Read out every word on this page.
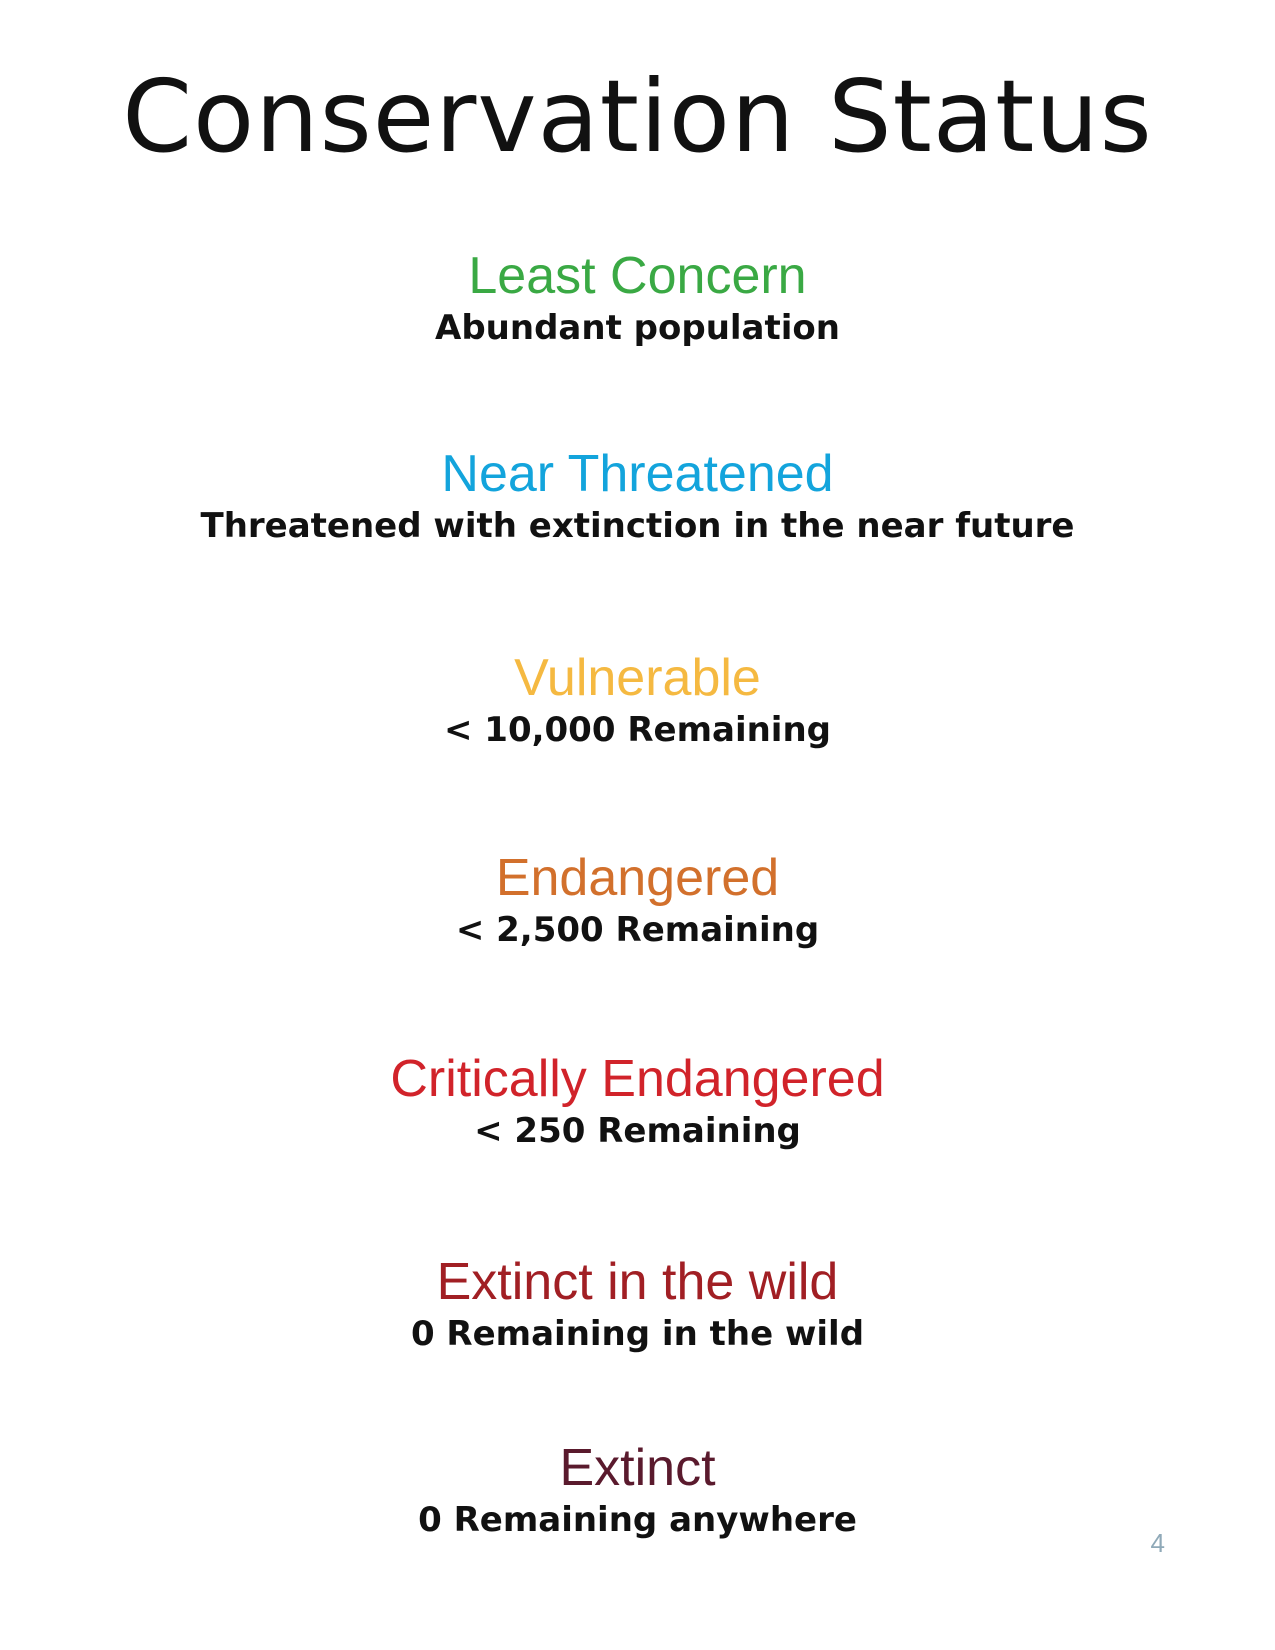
Conservation Status
Least Concern
Abundant population
Near Threatened
Threatened with extinction in the near future
Vulnerable
< 10,000 Remaining
Endangered
< 2,500 Remaining
Critically Endangered
< 250 Remaining
Extinct in the wild
0 Remaining in the wild
Extinct
0 Remaining anywhere
4
